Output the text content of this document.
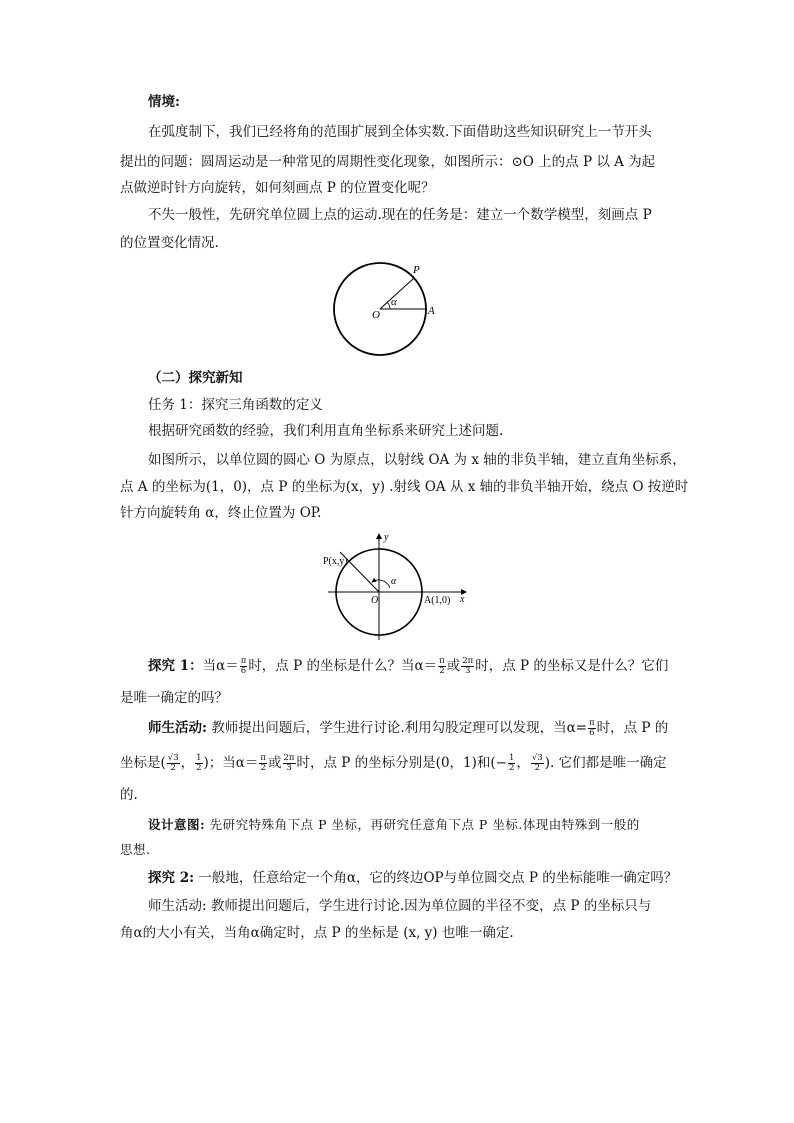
情境:
在弧度制下，我们已经将角的范围扩展到全体实数.下面借助这些知识研究上一节开头
提出的问题：圆周运动是一种常见的周期性变化现象，如图所示：⊙O 上的点 P 以 A 为起
点做逆时针方向旋转，如何刻画点 P 的位置变化呢？
不失一般性，先研究单位圆上点的运动.现在的任务是：建立一个数学模型，刻画点 P
的位置变化情况.
P
α
O	A
（二）探究新知
任务 1：探究三角函数的定义
根据研究函数的经验，我们利用直角坐标系来研究上述问题.
如图所示，以单位圆的圆心 O 为原点，以射线 OA 为 x 轴的非负半轴，建立直角坐标系，
点 A 的坐标为(1，0)，点 P 的坐标为(x，y) .射线 OA 从 x 轴的非负半轴开始，绕点 O 按逆时
针方向旋转角 α，终止位置为 OP.
y
x
P(x,y)
α
O	A(1,0)
探究 1：当$\alpha= \frac{\pi}{6}$ 时，点 P 的坐标是什么？当$\alpha= \frac{\pi}{2}$ 或 $\frac{2\pi}{3}$ 时，点 P 的坐标又是什么？它们
是唯一确定的吗？
师生活动: 教师提出问题后，学生进行讨论.利用勾股定理可以发现，当$\alpha= \frac{\pi}{6}$ 时，点 P 的
坐标是( $\frac{√3}{2}$ ， $\frac{1}{2}$ )；当$\alpha= \frac{\pi}{2}$ 或 $\frac{2\pi}{3}$ 时，点 P 的坐标分别是(0，1)和(− $\frac{1}{2}$ ， $\frac{√3}{2}$ ). 它们都是唯一确定
的.
设计意图: 先研究特殊角下点 P 坐标，再研究任意角下点 P 坐标.体现由特殊到一般的
思想.
探究 2: 一般地，任意给定一个角α，它的终边OP与单位圆交点 P 的坐标能唯一确定吗？
师生活动: 教师提出问题后，学生进行讨论.因为单位圆的半径不变，点 P 的坐标只与
角α的大小有关，当角α确定时，点 P 的坐标是 (x, y) 也唯一确定.
